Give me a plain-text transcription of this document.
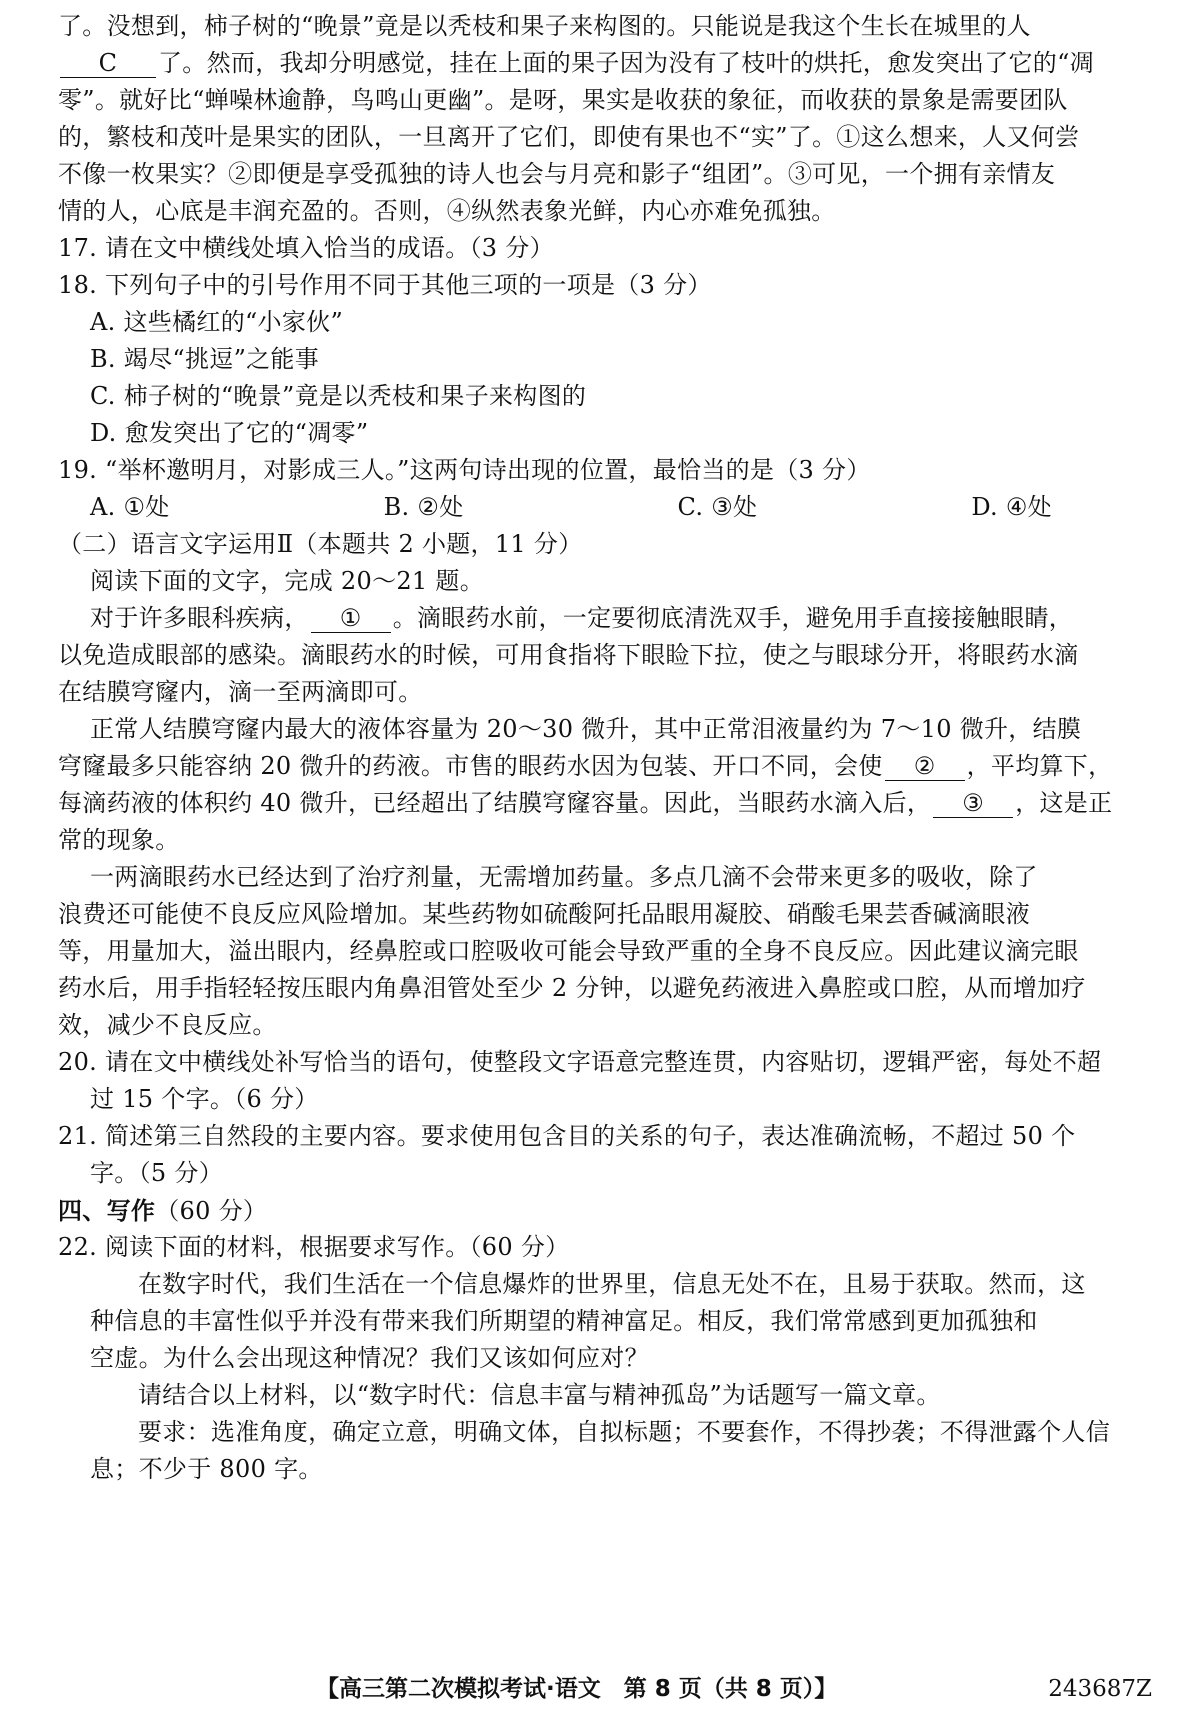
了。没想到，柿子树的“晚景”竟是以秃枝和果子来构图的。只能说是我这个生长在城里的人
C 了。然而，我却分明感觉，挂在上面的果子因为没有了枝叶的烘托，愈发突出了它的“凋
零”。就好比“蝉噪林逾静，鸟鸣山更幽”。是呀，果实是收获的象征，而收获的景象是需要团队
的，繁枝和茂叶是果实的团队，一旦离开了它们，即使有果也不“实”了。①这么想来，人又何尝
不像一枚果实？②即便是享受孤独的诗人也会与月亮和影子“组团”。③可见，一个拥有亲情友
情的人，心底是丰润充盈的。否则，④纵然表象光鲜，内心亦难免孤独。
17. 请在文中横线处填入恰当的成语。（3 分）
18. 下列句子中的引号作用不同于其他三项的一项是（3 分）
A. 这些橘红的“小家伙”
B. 竭尽“挑逗”之能事
C. 柿子树的“晚景”竟是以秃枝和果子来构图的
D. 愈发突出了它的“凋零”
19. “举杯邀明月，对影成三人。”这两句诗出现的位置，最恰当的是（3 分）
A. ①处	B. ②处	C. ③处	D. ④处
（二）语言文字运用Ⅱ（本题共 2 小题，11 分）
阅读下面的文字，完成 20～21 题。
对于许多眼科疾病， ① 。滴眼药水前，一定要彻底清洗双手，避免用手直接接触眼睛，
以免造成眼部的感染。滴眼药水的时候，可用食指将下眼睑下拉，使之与眼球分开，将眼药水滴
在结膜穹窿内，滴一至两滴即可。
正常人结膜穹窿内最大的液体容量为 20～30 微升，其中正常泪液量约为 7～10 微升，结膜
穹窿最多只能容纳 20 微升的药液。市售的眼药水因为包装、开口不同，会使 ② ，平均算下，
每滴药液的体积约 40 微升，已经超出了结膜穹窿容量。因此，当眼药水滴入后， ③ ，这是正
常的现象。
一两滴眼药水已经达到了治疗剂量，无需增加药量。多点几滴不会带来更多的吸收，除了
浪费还可能使不良反应风险增加。某些药物如硫酸阿托品眼用凝胶、硝酸毛果芸香碱滴眼液
等，用量加大，溢出眼内，经鼻腔或口腔吸收可能会导致严重的全身不良反应。因此建议滴完眼
药水后，用手指轻轻按压眼内角鼻泪管处至少 2 分钟，以避免药液进入鼻腔或口腔，从而增加疗
效，减少不良反应。
20. 请在文中横线处补写恰当的语句，使整段文字语意完整连贯，内容贴切，逻辑严密，每处不超
过 15 个字。（6 分）
21. 简述第三自然段的主要内容。要求使用包含目的关系的句子，表达准确流畅，不超过 50 个
字。（5 分）
四、写作（60 分）
22. 阅读下面的材料，根据要求写作。（60 分）
在数字时代，我们生活在一个信息爆炸的世界里，信息无处不在，且易于获取。然而，这
种信息的丰富性似乎并没有带来我们所期望的精神富足。相反，我们常常感到更加孤独和
空虚。为什么会出现这种情况？我们又该如何应对？
请结合以上材料，以“数字时代：信息丰富与精神孤岛”为话题写一篇文章。
要求：选准角度，确定立意，明确文体，自拟标题；不要套作，不得抄袭；不得泄露个人信
息；不少于 800 字。
【高三第二次模拟考试·语文　第 8 页（共 8 页）】	243687Z
